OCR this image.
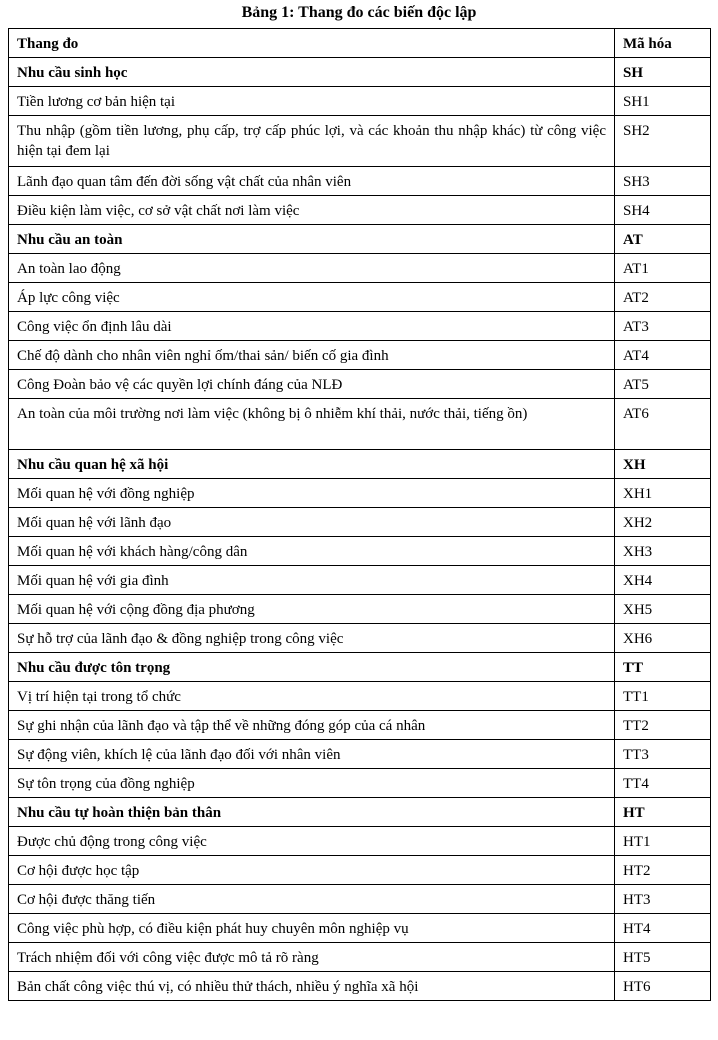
Bảng 1: Thang đo các biến độc lập
Thang đo	Mã hóa
Nhu cầu sinh học	SH
Tiền lương cơ bản hiện tại	SH1
Thu nhập (gồm tiền lương, phụ cấp, trợ cấp phúc lợi, và các khoản thu nhập khác) từ công việc hiện tại đem lại	SH2
Lãnh đạo quan tâm đến đời sống vật chất của nhân viên	SH3
Điều kiện làm việc, cơ sở vật chất nơi làm việc	SH4
Nhu cầu an toàn	AT
An toàn lao động	AT1
Áp lực công việc	AT2
Công việc ổn định lâu dài	AT3
Chế độ dành cho nhân viên nghỉ ốm/thai sản/ biến cố gia đình	AT4
Công Đoàn bảo vệ các quyền lợi chính đáng của NLĐ	AT5
An toàn của môi trường nơi làm việc (không bị ô nhiễm khí thải, nước thải, tiếng ồn)	AT6
Nhu cầu quan hệ xã hội	XH
Mối quan hệ với đồng nghiệp	XH1
Mối quan hệ với lãnh đạo	XH2
Mối quan hệ với khách hàng/công dân	XH3
Mối quan hệ với gia đình	XH4
Mối quan hệ với cộng đồng địa phương	XH5
Sự hỗ trợ của lãnh đạo & đồng nghiệp trong công việc	XH6
Nhu cầu được tôn trọng	TT
Vị trí hiện tại trong tổ chức	TT1
Sự ghi nhận của lãnh đạo và tập thể về những đóng góp của cá nhân	TT2
Sự động viên, khích lệ của lãnh đạo đối với nhân viên	TT3
Sự tôn trọng của đồng nghiệp	TT4
Nhu cầu tự hoàn thiện bản thân	HT
Được chủ động trong công việc	HT1
Cơ hội được học tập	HT2
Cơ hội được thăng tiến	HT3
Công việc phù hợp, có điều kiện phát huy chuyên môn nghiệp vụ	HT4
Trách nhiệm đối với công việc được mô tả rõ ràng	HT5
Bản chất công việc thú vị, có nhiều thử thách, nhiều ý nghĩa xã hội	HT6
